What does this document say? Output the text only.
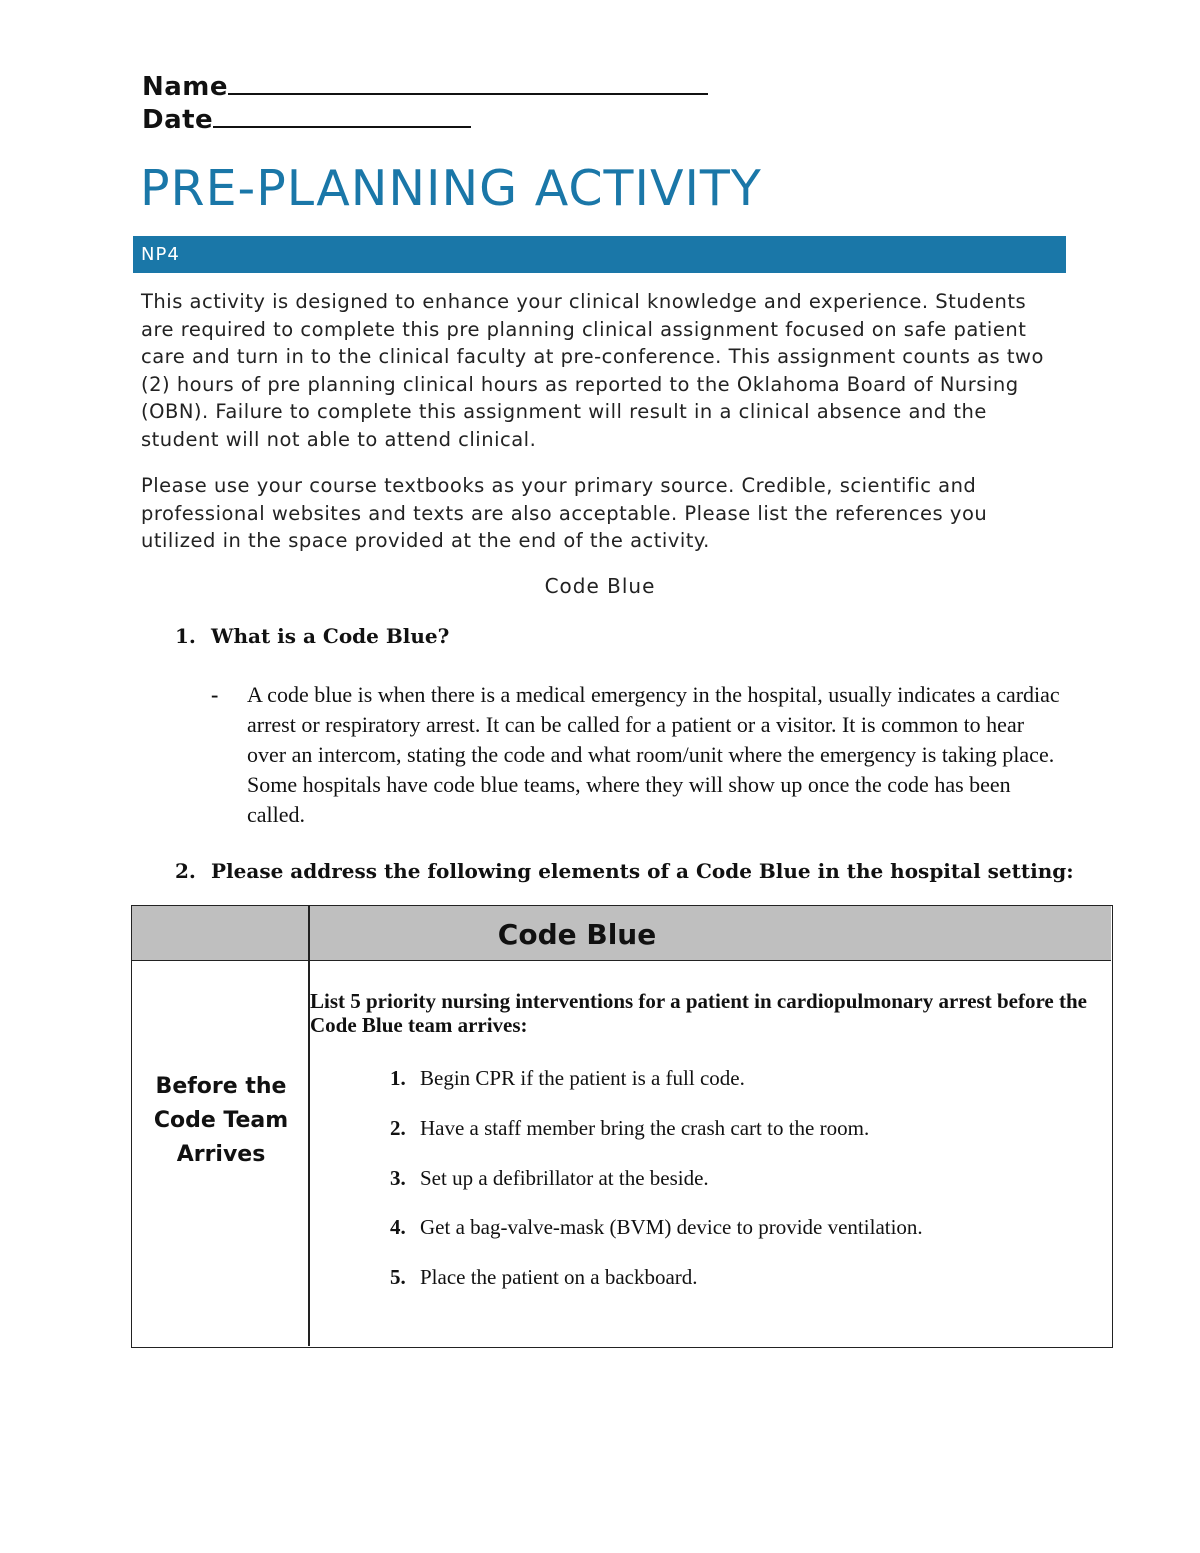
Name
Date
PRE-PLANNING ACTIVITY
NP4
This activity is designed to enhance your clinical knowledge and experience. Students are required to complete this pre planning clinical assignment focused on safe patient care and turn in to the clinical faculty at pre-conference. This assignment counts as two (2) hours of pre planning clinical hours as reported to the Oklahoma Board of Nursing (OBN). Failure to complete this assignment will result in a clinical absence and the student will not able to attend clinical.
Please use your course textbooks as your primary source. Credible, scientific and professional websites and texts are also acceptable. Please list the references you utilized in the space provided at the end of the activity.
Code Blue
1. What is a Code Blue?
- A code blue is when there is a medical emergency in the hospital, usually indicates a cardiac arrest or respiratory arrest. It can be called for a patient or a visitor. It is common to hear over an intercom, stating the code and what room/unit where the emergency is taking place. Some hospitals have code blue teams, where they will show up once the code has been called.
2. Please address the following elements of a Code Blue in the hospital setting:
Code Blue
Before the Code Team Arrives
List 5 priority nursing interventions for a patient in cardiopulmonary arrest before the Code Blue team arrives:
1. Begin CPR if the patient is a full code.
2. Have a staff member bring the crash cart to the room.
3. Set up a defibrillator at the beside.
4. Get a bag-valve-mask (BVM) device to provide ventilation.
5. Place the patient on a backboard.
